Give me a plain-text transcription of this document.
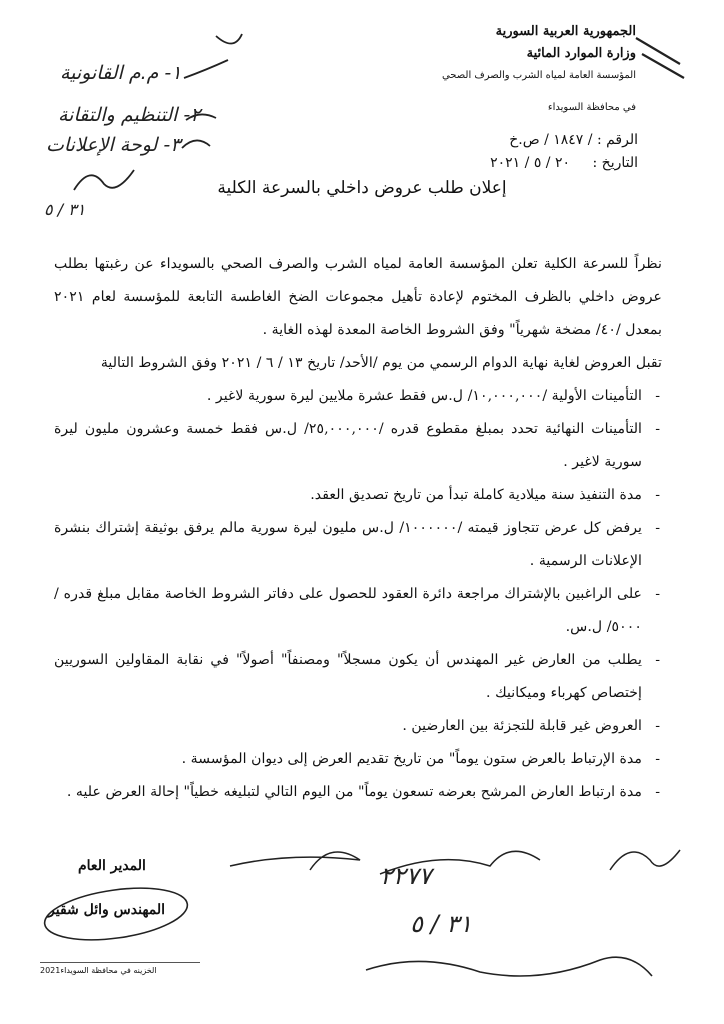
الجمهورية العربية السورية
وزارة الموارد المائية
المؤسسة العامة لمياه الشرب والصرف الصحي
في محافظة السويداء
الرقم : / ١٨٤٧ / ص.خ
التاريخ : ٢٠ / ٥ / ٢٠٢١
١- م.م القانونية
٢- التنظيم والتقانة
٣- لوحة الإعلانات
٣١ / ٥
إعلان طلب عروض داخلي بالسرعة الكلية

نظراً للسرعة الكلية تعلن المؤسسة العامة لمياه الشرب والصرف الصحي بالسويداء عن رغبتها بطلب عروض داخلي بالظرف المختوم لإعادة تأهيل مجموعات الضخ الغاطسة التابعة للمؤسسة لعام ٢٠٢١ بمعدل /٤٠/ مضخة شهرياً" وفق الشروط الخاصة المعدة لهذه الغاية .

تقبل العروض لغاية نهاية الدوام الرسمي من يوم /الأحد/ تاريخ ١٣ / ٦ / ٢٠٢١ وفق الشروط التالية

- التأمينات الأولية /١٠,٠٠٠,٠٠٠/ ل.س فقط عشرة ملايين ليرة سورية لاغير .

- التأمينات النهائية تحدد بمبلغ مقطوع قدره /٢٥,٠٠٠,٠٠٠/ ل.س فقط خمسة وعشرون مليون ليرة سورية لاغير .

- مدة التنفيذ سنة ميلادية كاملة تبدأ من تاريخ تصديق العقد.

- يرفض كل عرض تتجاوز قيمته /١٠٠٠٠٠٠/ ل.س مليون ليرة سورية مالم يرفق بوثيقة إشتراك بنشرة الإعلانات الرسمية .

- على الراغبين بالإشتراك مراجعة دائرة العقود للحصول على دفاتر الشروط الخاصة مقابل مبلغ قدره /٥٠٠٠/ ل.س.

- يطلب من العارض غير المهندس أن يكون مسجلاً" ومصنفاً" أصولاً" في نقابة المقاولين السوريين إختصاص كهرباء وميكانيك .

- العروض غير قابلة للتجزئة بين العارضين .

- مدة الإرتباط بالعرض ستون يوماً" من تاريخ تقديم العرض إلى ديوان المؤسسة .

- مدة ارتباط العارض المرشح بعرضه تسعون يوماً" من اليوم التالي لتبليغه خطياً" إحالة العرض عليه .

المدير العام
المهندس وائل شقير
٢٢٧٧
٣١ / ٥
2021الخزينه في محافظة السويداء
